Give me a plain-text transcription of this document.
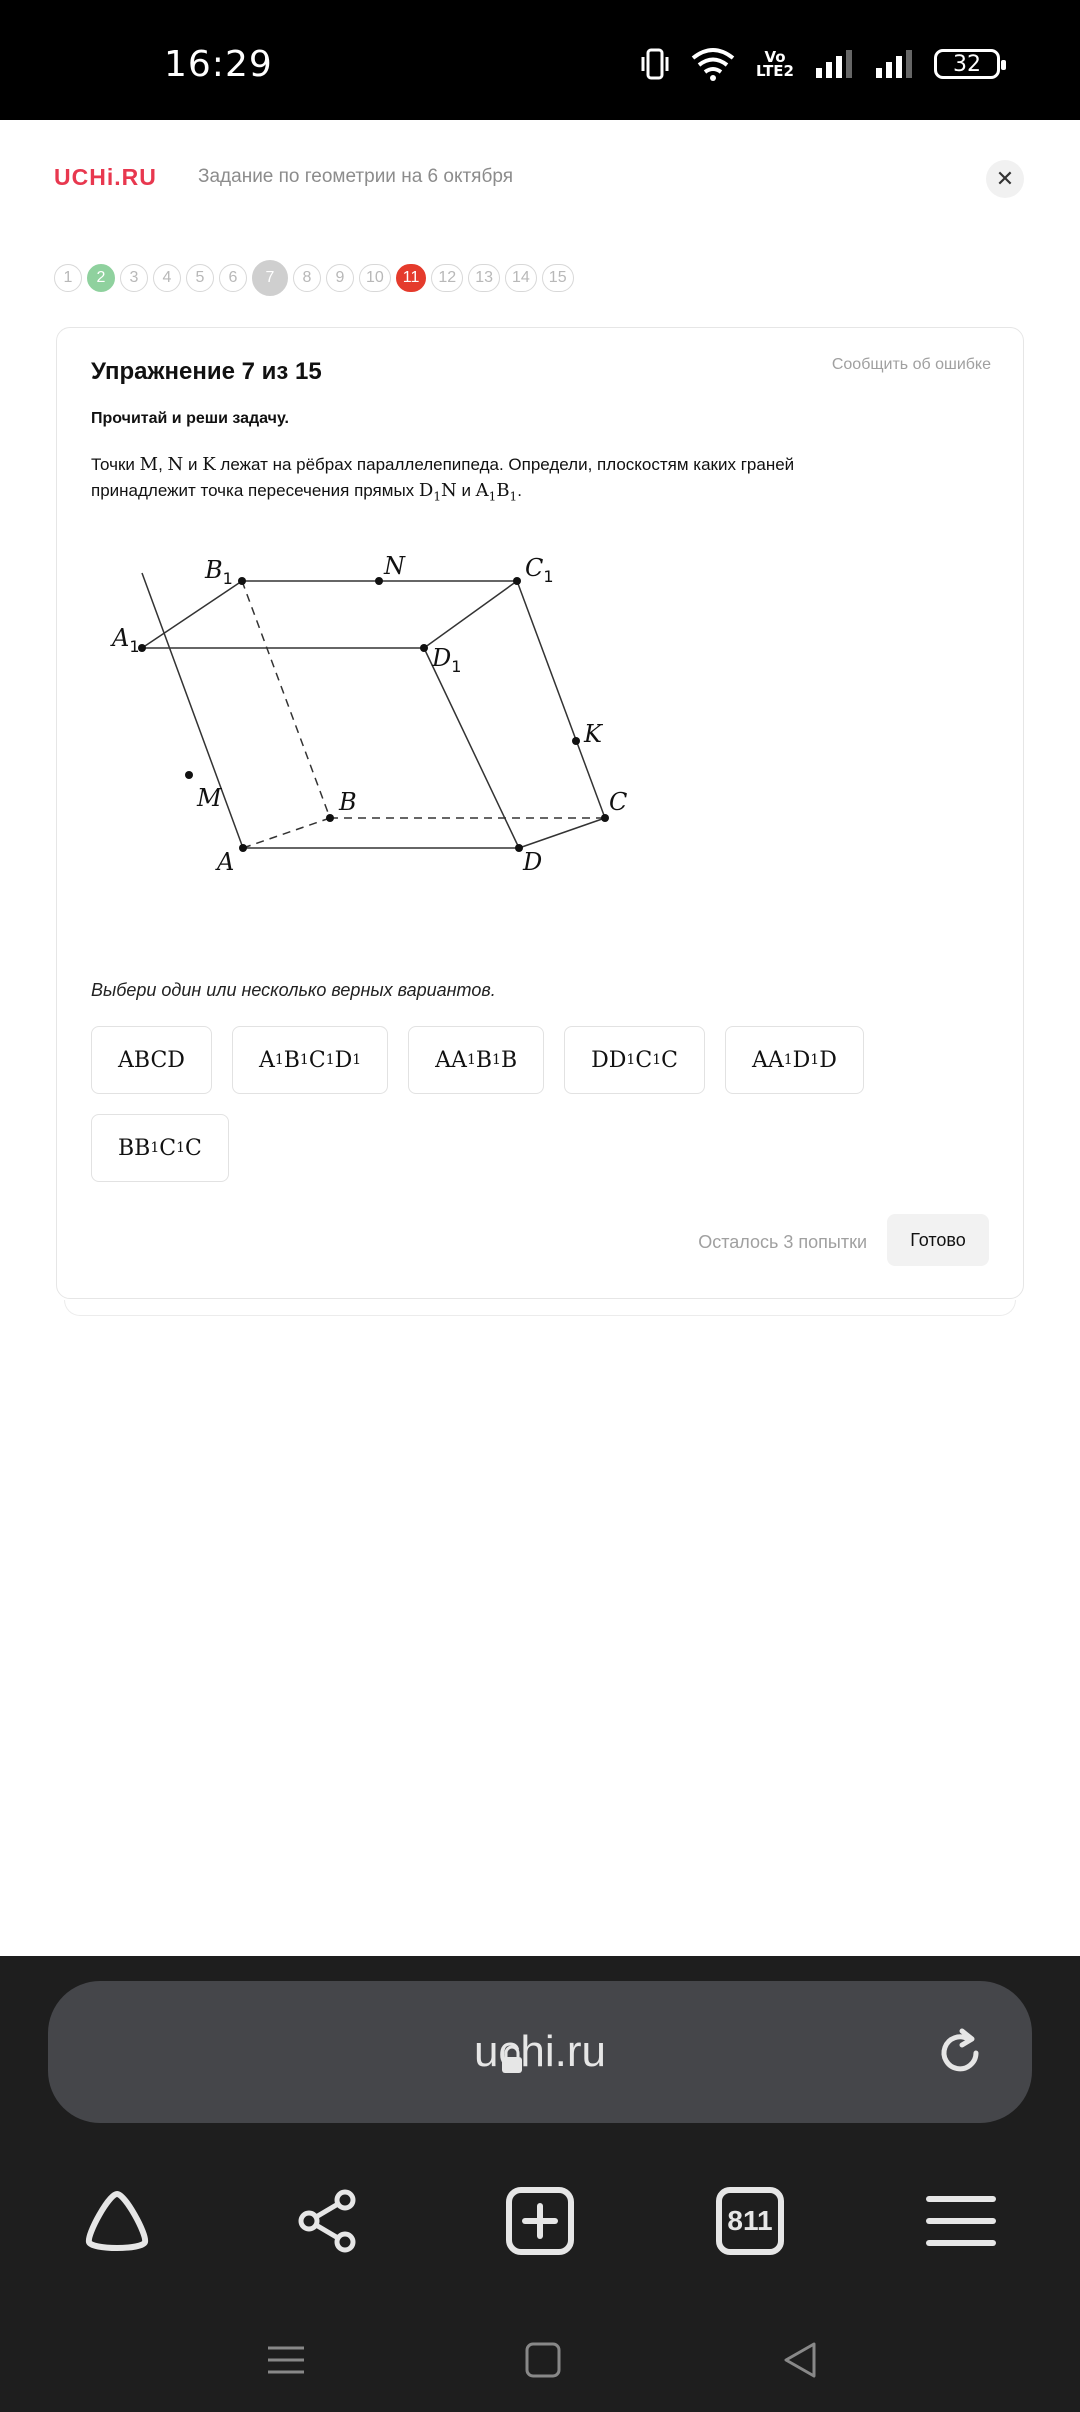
16:29	Vo
LTE2	32
UCHi.RU Задание по геометрии на 6 октября	✕
1	2	3	4	5	6	7	8	9	10	11	12	13	14	15
Упражнение 7 из 15	Сообщить об ошибке
Прочитай и реши задачу.
Точки M, N и K лежат на рёбрах параллелепипеда. Определи, плоскостям каких граней принадлежит точка пересечения прямых $D_1N$ и $A_1B_1$.
$A_1$
$B_1$	N	$C_1$
$D_1$
K
M	B	C
A	D
Выбери один или несколько верных вариантов.
ABCD	A 1 B 1 C 1 D 1	AA 1 B 1 B	DD 1 C 1 C	AA 1 D 1 D
BB 1 C 1 C
Осталось 3 попытки	Готово
uchi.ru
811
